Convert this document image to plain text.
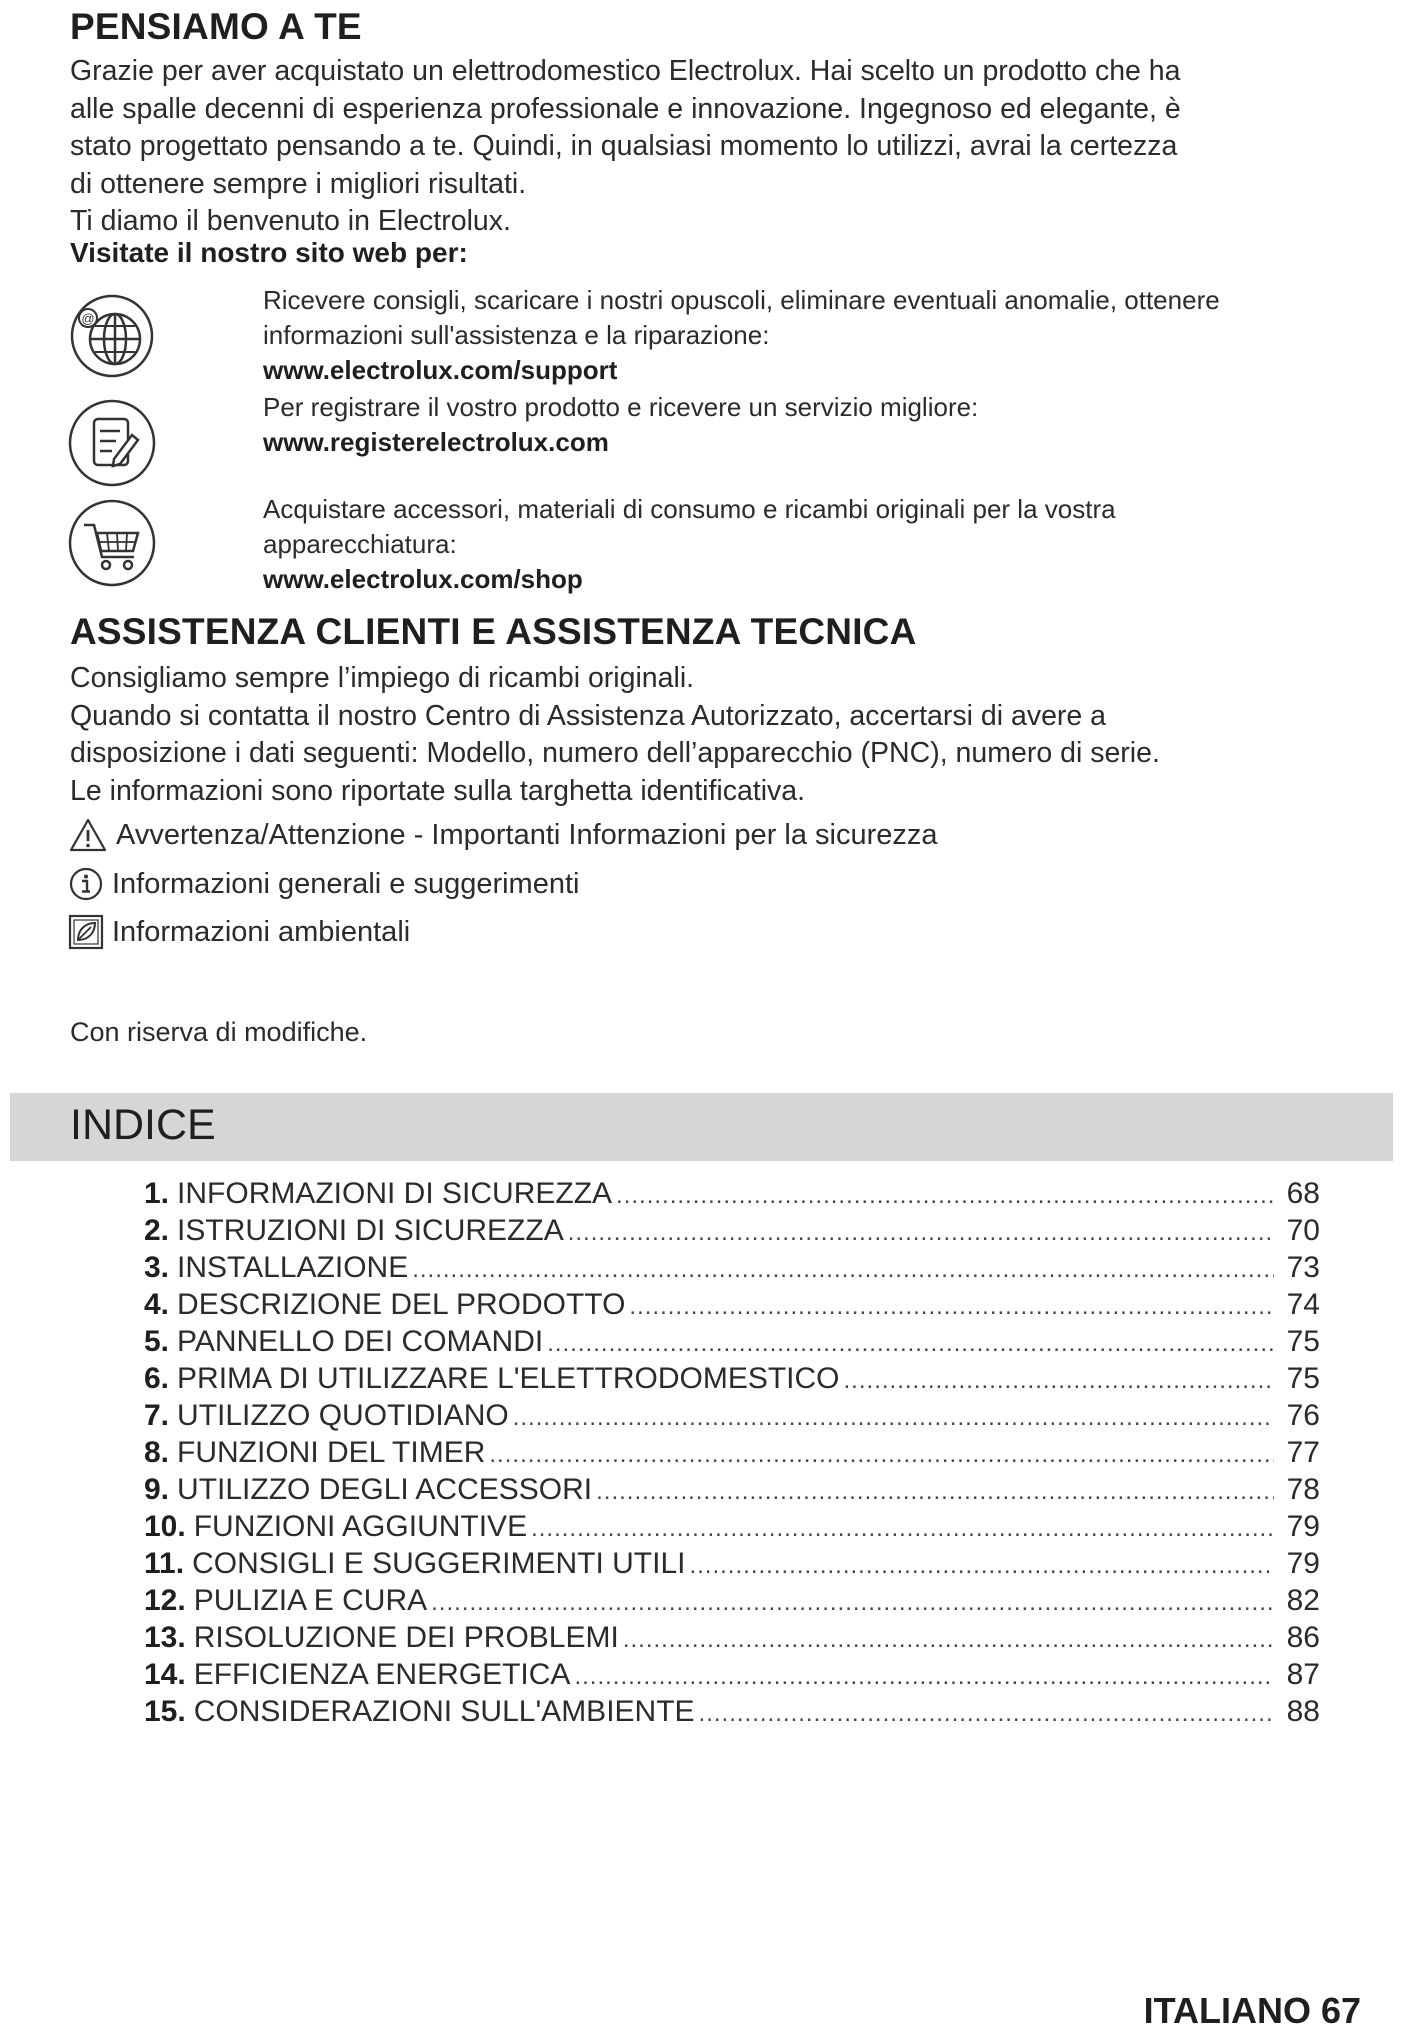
PENSIAMO A TE
Grazie per aver acquistato un elettrodomestico Electrolux. Hai scelto un prodotto che ha
alle spalle decenni di esperienza professionale e innovazione. Ingegnoso ed elegante, è
stato progettato pensando a te. Quindi, in qualsiasi momento lo utilizzi, avrai la certezza
di ottenere sempre i migliori risultati.
Ti diamo il benvenuto in Electrolux.
Visitate il nostro sito web per:
@
Ricevere consigli, scaricare i nostri opuscoli, eliminare eventuali anomalie, ottenere
informazioni sull'assistenza e la riparazione:
www.electrolux.com/support
Per registrare il vostro prodotto e ricevere un servizio migliore:
www.registerelectrolux.com
Acquistare accessori, materiali di consumo e ricambi originali per la vostra
apparecchiatura:
www.electrolux.com/shop
ASSISTENZA CLIENTI E ASSISTENZA TECNICA
Consigliamo sempre l’impiego di ricambi originali.
Quando si contatta il nostro Centro di Assistenza Autorizzato, accertarsi di avere a
disposizione i dati seguenti: Modello, numero dell’apparecchio (PNC), numero di serie.
Le informazioni sono riportate sulla targhetta identificativa.
Avvertenza/Attenzione - Importanti Informazioni per la sicurezza
Informazioni generali e suggerimenti
Informazioni ambientali
Con riserva di modifiche.
INDICE
1. INFORMAZIONI DI SICUREZZA .....	68
2. ISTRUZIONI DI SICUREZZA .....	70
3. INSTALLAZIONE .....	73
4. DESCRIZIONE DEL PRODOTTO .....	74
5. PANNELLO DEI COMANDI .....	75
6. PRIMA DI UTILIZZARE L'ELETTRODOMESTICO .....	75
7. UTILIZZO QUOTIDIANO .....	76
8. FUNZIONI DEL TIMER .....	77
9. UTILIZZO DEGLI ACCESSORI .....	78
10. FUNZIONI AGGIUNTIVE .....	79
11. CONSIGLI E SUGGERIMENTI UTILI .....	79
12. PULIZIA E CURA .....	82
13. RISOLUZIONE DEI PROBLEMI .....	86
14. EFFICIENZA ENERGETICA .....	87
15. CONSIDERAZIONI SULL'AMBIENTE .....	88
ITALIANO 67
